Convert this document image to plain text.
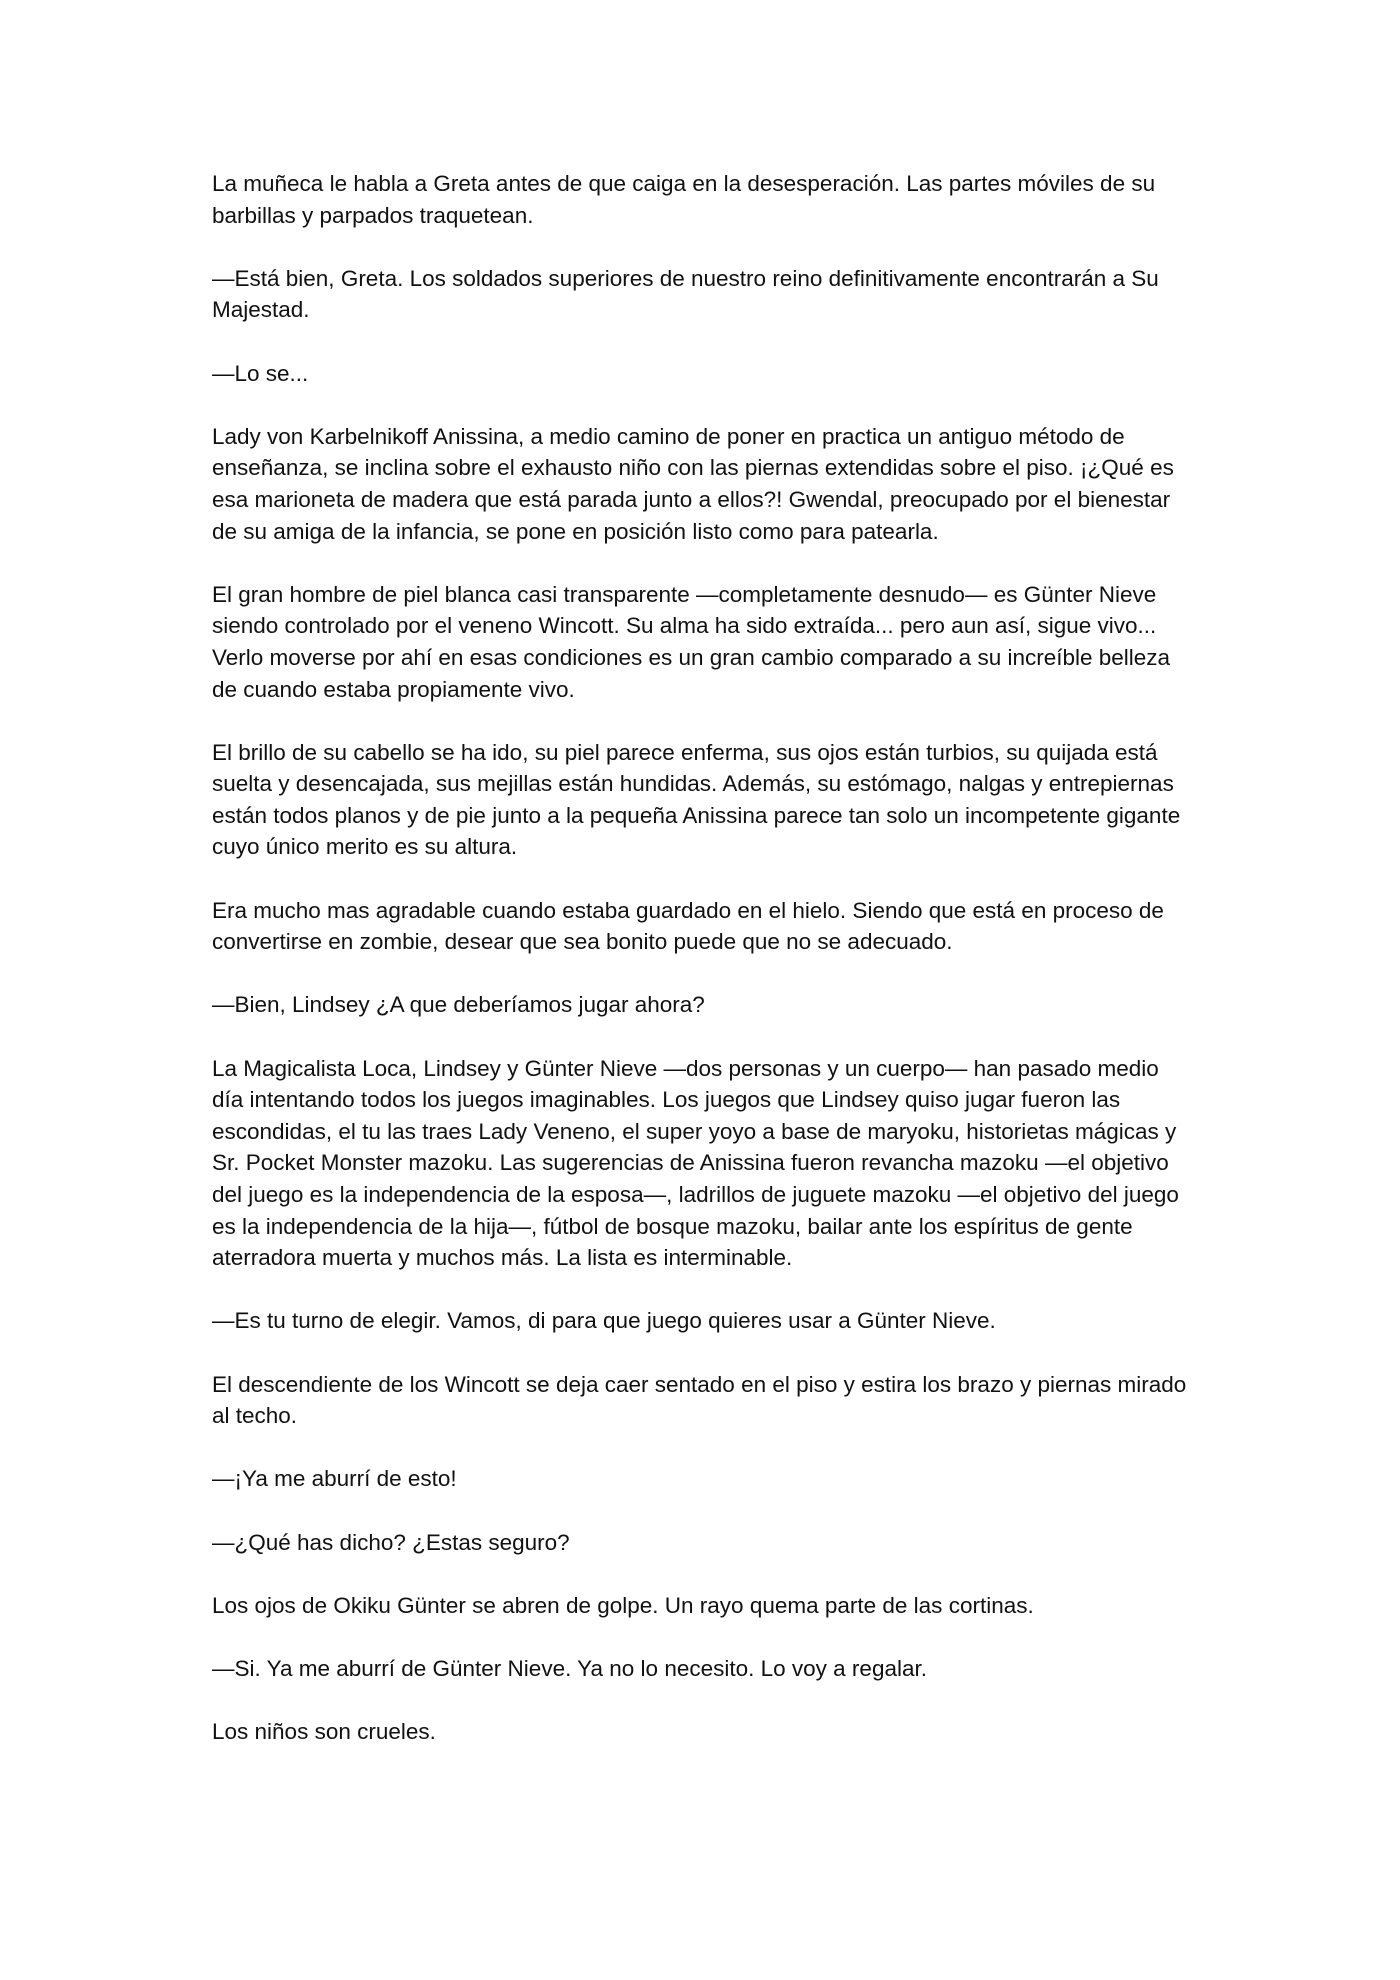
La muñeca le habla a Greta antes de que caiga en la desesperación. Las partes móviles de su barbillas y parpados traquetean.

—Está bien, Greta. Los soldados superiores de nuestro reino definitivamente encontrarán a Su Majestad.

—Lo se...

Lady von Karbelnikoff Anissina, a medio camino de poner en practica un antiguo método de enseñanza, se inclina sobre el exhausto niño con las piernas extendidas sobre el piso. ¡¿Qué es esa marioneta de madera que está parada junto a ellos?! Gwendal, preocupado por el bienestar de su amiga de la infancia, se pone en posición listo como para patearla.

El gran hombre de piel blanca casi transparente —completamente desnudo— es Günter Nieve siendo controlado por el veneno Wincott. Su alma ha sido extraída... pero aun así, sigue vivo... Verlo moverse por ahí en esas condiciones es un gran cambio comparado a su increíble belleza de cuando estaba propiamente vivo.

El brillo de su cabello se ha ido, su piel parece enferma, sus ojos están turbios, su quijada está suelta y desencajada, sus mejillas están hundidas. Además, su estómago, nalgas y entrepiernas están todos planos y de pie junto a la pequeña Anissina parece tan solo un incompetente gigante cuyo único merito es su altura.

Era mucho mas agradable cuando estaba guardado en el hielo. Siendo que está en proceso de convertirse en zombie, desear que sea bonito puede que no se adecuado.

—Bien, Lindsey ¿A que deberíamos jugar ahora?

La Magicalista Loca, Lindsey y Günter Nieve —dos personas y un cuerpo— han pasado medio día intentando todos los juegos imaginables. Los juegos que Lindsey quiso jugar fueron las escondidas, el tu las traes Lady Veneno, el super yoyo a base de maryoku, historietas mágicas y Sr. Pocket Monster mazoku. Las sugerencias de Anissina fueron revancha mazoku —el objetivo del juego es la independencia de la esposa—, ladrillos de juguete mazoku —el objetivo del juego es la independencia de la hija—, fútbol de bosque mazoku, bailar ante los espíritus de gente aterradora muerta y muchos más. La lista es interminable.

—Es tu turno de elegir. Vamos, di para que juego quieres usar a Günter Nieve.

El descendiente de los Wincott se deja caer sentado en el piso y estira los brazo y piernas mirado al techo.

—¡Ya me aburrí de esto!

—¿Qué has dicho? ¿Estas seguro?

Los ojos de Okiku Günter se abren de golpe. Un rayo quema parte de las cortinas.

—Si. Ya me aburrí de Günter Nieve. Ya no lo necesito. Lo voy a regalar.

Los niños son crueles.
